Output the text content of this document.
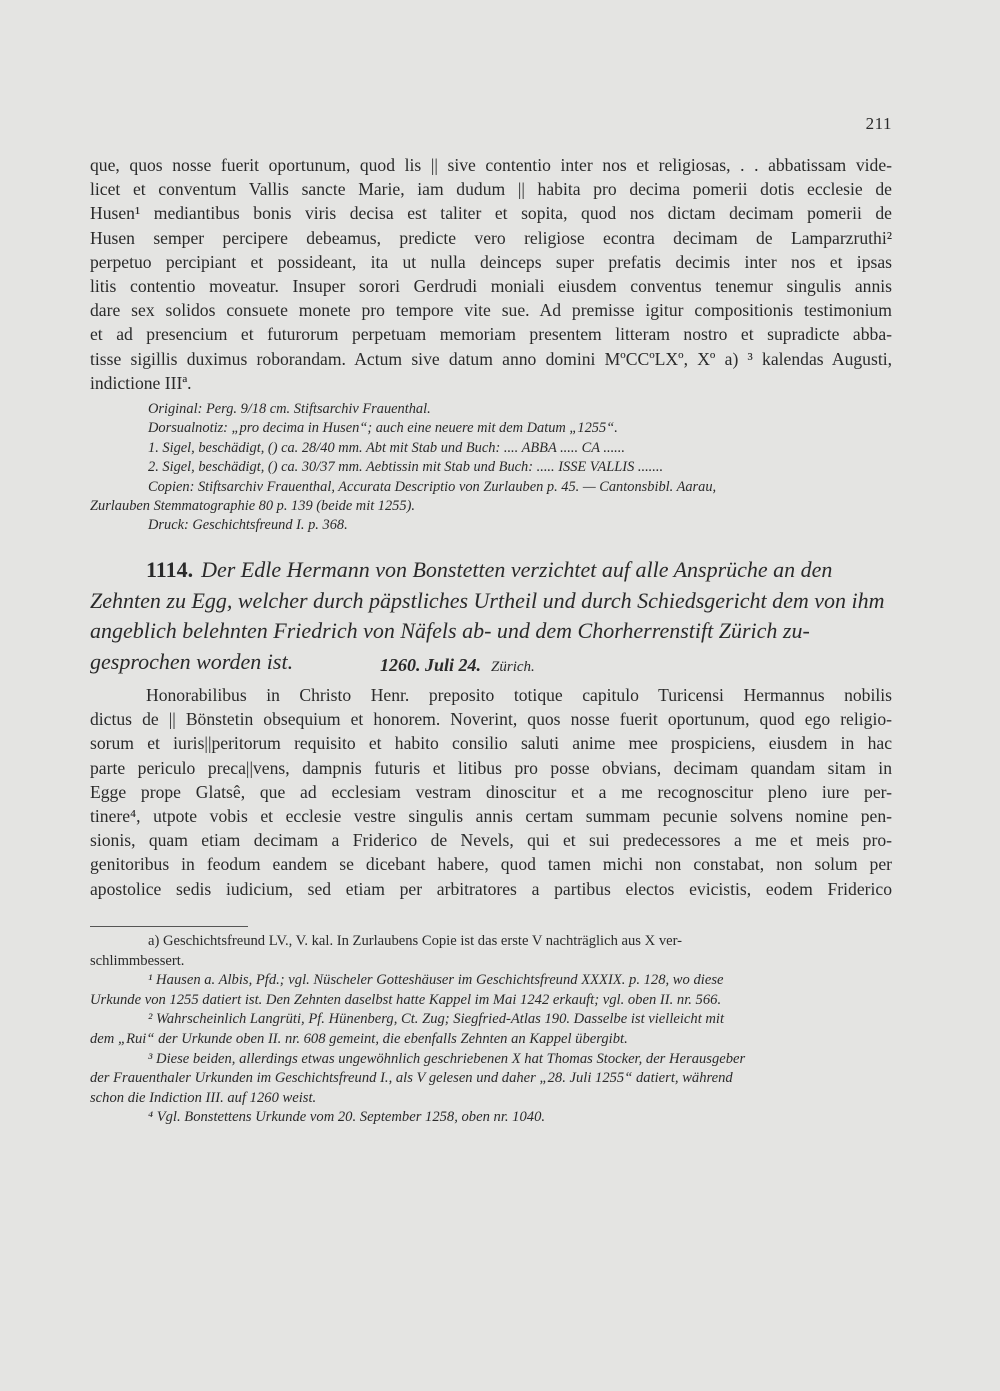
211
que, quos nosse fuerit oportunum, quod lis || sive contentio inter nos et religiosas, . . abbatissam vide-
licet et conventum Vallis sancte Marie, iam dudum || habita pro decima pomerii dotis ecclesie de
Husen¹ mediantibus bonis viris decisa est taliter et sopita, quod nos dictam decimam pomerii de
Husen semper percipere debeamus, predicte vero religiose econtra decimam de Lamparzruthi²
perpetuo percipiant et possideant, ita ut nulla deinceps super prefatis decimis inter nos et ipsas
litis contentio moveatur. Insuper sorori Gerdrudi moniali eiusdem conventus tenemur singulis annis
dare sex solidos consuete monete pro tempore vite sue. Ad premisse igitur compositionis testimonium
et ad presencium et futurorum perpetuam memoriam presentem litteram nostro et supradicte abba-
tisse sigillis duximus roborandam. Actum sive datum anno domini MºCCºLXº, Xº a) ³ kalendas Augusti,
indictione IIIª.
Original: Perg. 9/18 cm. Stiftsarchiv Frauenthal.
Dorsualnotiz: „pro decima in Husen“; auch eine neuere mit dem Datum „1255“.
1. Sigel, beschädigt, () ca. 28/40 mm. Abt mit Stab und Buch: .... ABBA ..... CA ......
2. Sigel, beschädigt, () ca. 30/37 mm. Aebtissin mit Stab und Buch: ..... ISSE VALLIS .......
Copien: Stiftsarchiv Frauenthal, Accurata Descriptio von Zurlauben p. 45. — Cantonsbibl. Aarau,
Zurlauben Stemmatographie 80 p. 139 (beide mit 1255).
Druck: Geschichtsfreund I. p. 368.
1114. Der Edle Hermann von Bonstetten verzichtet auf alle Ansprüche an den Zehnten zu Egg, welcher durch päpstliches Urtheil und durch Schiedsgericht dem von ihm angeblich belehnten Friedrich von Näfels ab- und dem Chorherrenstift Zürich zu- gesprochen worden ist.	1260. Juli 24. Zürich.
Honorabilibus in Christo Henr. preposito totique capitulo Turicensi Hermannus nobilis
dictus de || Bönstetin obsequium et honorem. Noverint, quos nosse fuerit oportunum, quod ego religio-
sorum et iuris||peritorum requisito et habito consilio saluti anime mee prospiciens, eiusdem in hac
parte periculo preca||vens, dampnis futuris et litibus pro posse obvians, decimam quandam sitam in
Egge prope Glatsê, que ad ecclesiam vestram dinoscitur et a me recognoscitur pleno iure per-
tinere⁴, utpote vobis et ecclesie vestre singulis annis certam summam pecunie solvens nomine pen-
sionis, quam etiam decimam a Friderico de Nevels, qui et sui predecessores a me et meis pro-
genitoribus in feodum eandem se dicebant habere, quod tamen michi non constabat, non solum per
apostolice sedis iudicium, sed etiam per arbitratores a partibus electos evicistis, eodem Friderico
a) Geschichtsfreund LV., V. kal. In Zurlaubens Copie ist das erste V nachträglich aus X ver-
schlimmbessert.
¹ Hausen a. Albis, Pfd.; vgl. Nüscheler Gotteshäuser im Geschichtsfreund XXXIX. p. 128, wo diese
Urkunde von 1255 datiert ist. Den Zehnten daselbst hatte Kappel im Mai 1242 erkauft; vgl. oben II. nr. 566.
² Wahrscheinlich Langrüti, Pf. Hünenberg, Ct. Zug; Siegfried-Atlas 190. Dasselbe ist vielleicht mit
dem „Rui“ der Urkunde oben II. nr. 608 gemeint, die ebenfalls Zehnten an Kappel übergibt.
³ Diese beiden, allerdings etwas ungewöhnlich geschriebenen X hat Thomas Stocker, der Herausgeber
der Frauenthaler Urkunden im Geschichtsfreund I., als V gelesen und daher „28. Juli 1255“ datiert, während
schon die Indiction III. auf 1260 weist.
⁴ Vgl. Bonstettens Urkunde vom 20. September 1258, oben nr. 1040.
